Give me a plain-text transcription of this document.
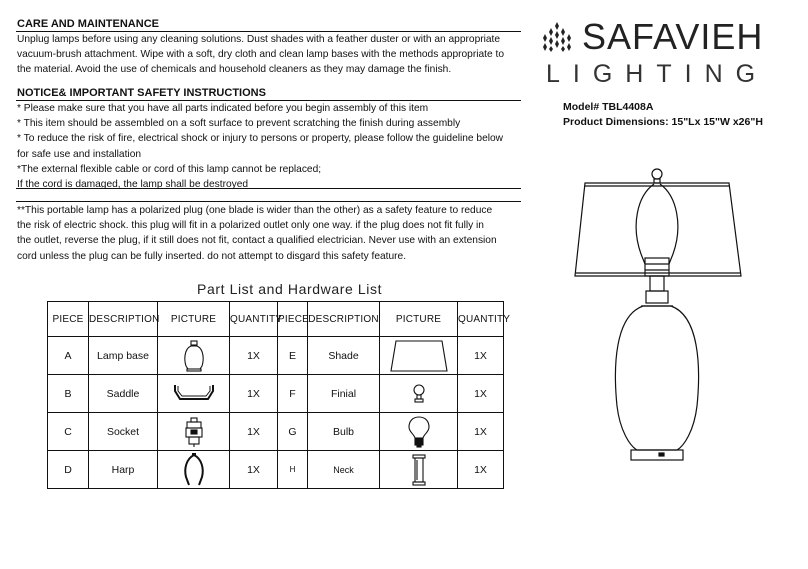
CARE AND MAINTENANCE
Unplug lamps before using any cleaning solutions. Dust shades with a feather duster or with an appropriate
vacuum-brush attachment. Wipe with a soft, dry cloth and clean lamp bases with the methods appropriate to
the material. Avoid the use of chemicals and household cleaners as they may damage the finish.
NOTICE& IMPORTANT SAFETY INSTRUCTIONS
* Please make sure that you have all parts indicated before you begin assembly of this item
* This item should be assembled on a soft surface to prevent scratching the finish during assembly
* To reduce the risk of fire, electrical shock or injury to persons or property, please follow the guideline below
for safe use and installation
*The external flexible cable or cord of this lamp cannot be replaced;
If the cord is damaged, the lamp shall be destroyed
**This portable lamp has a polarized plug (one blade is wider than the other) as a safety feature to reduce
the risk of electric shock. this plug will fit in a polarized outlet only one way. if the plug does not fit fully in
the outlet, reverse the plug, if it still does not fit, contact a qualified electrician. Never use with an extension
cord unless the plug can be fully inserted. do not attempt to disgard this safety feature.
SAFAVIEH
LIGHTING
Model# TBL4408A
Product Dimensions: 15"Lx 15"W x26"H
Part List and Hardware List
PIECE	DESCRIPTION	PICTURE	QUANTITY	PIECE	DESCRIPTION	PICTURE	QUANTITY
A	Lamp base		1X	E	Shade		1X
B	Saddle		1X	F	Finial		1X
C	Socket		1X	G	Bulb		1X
D	Harp		1X	H	Neck		1X
